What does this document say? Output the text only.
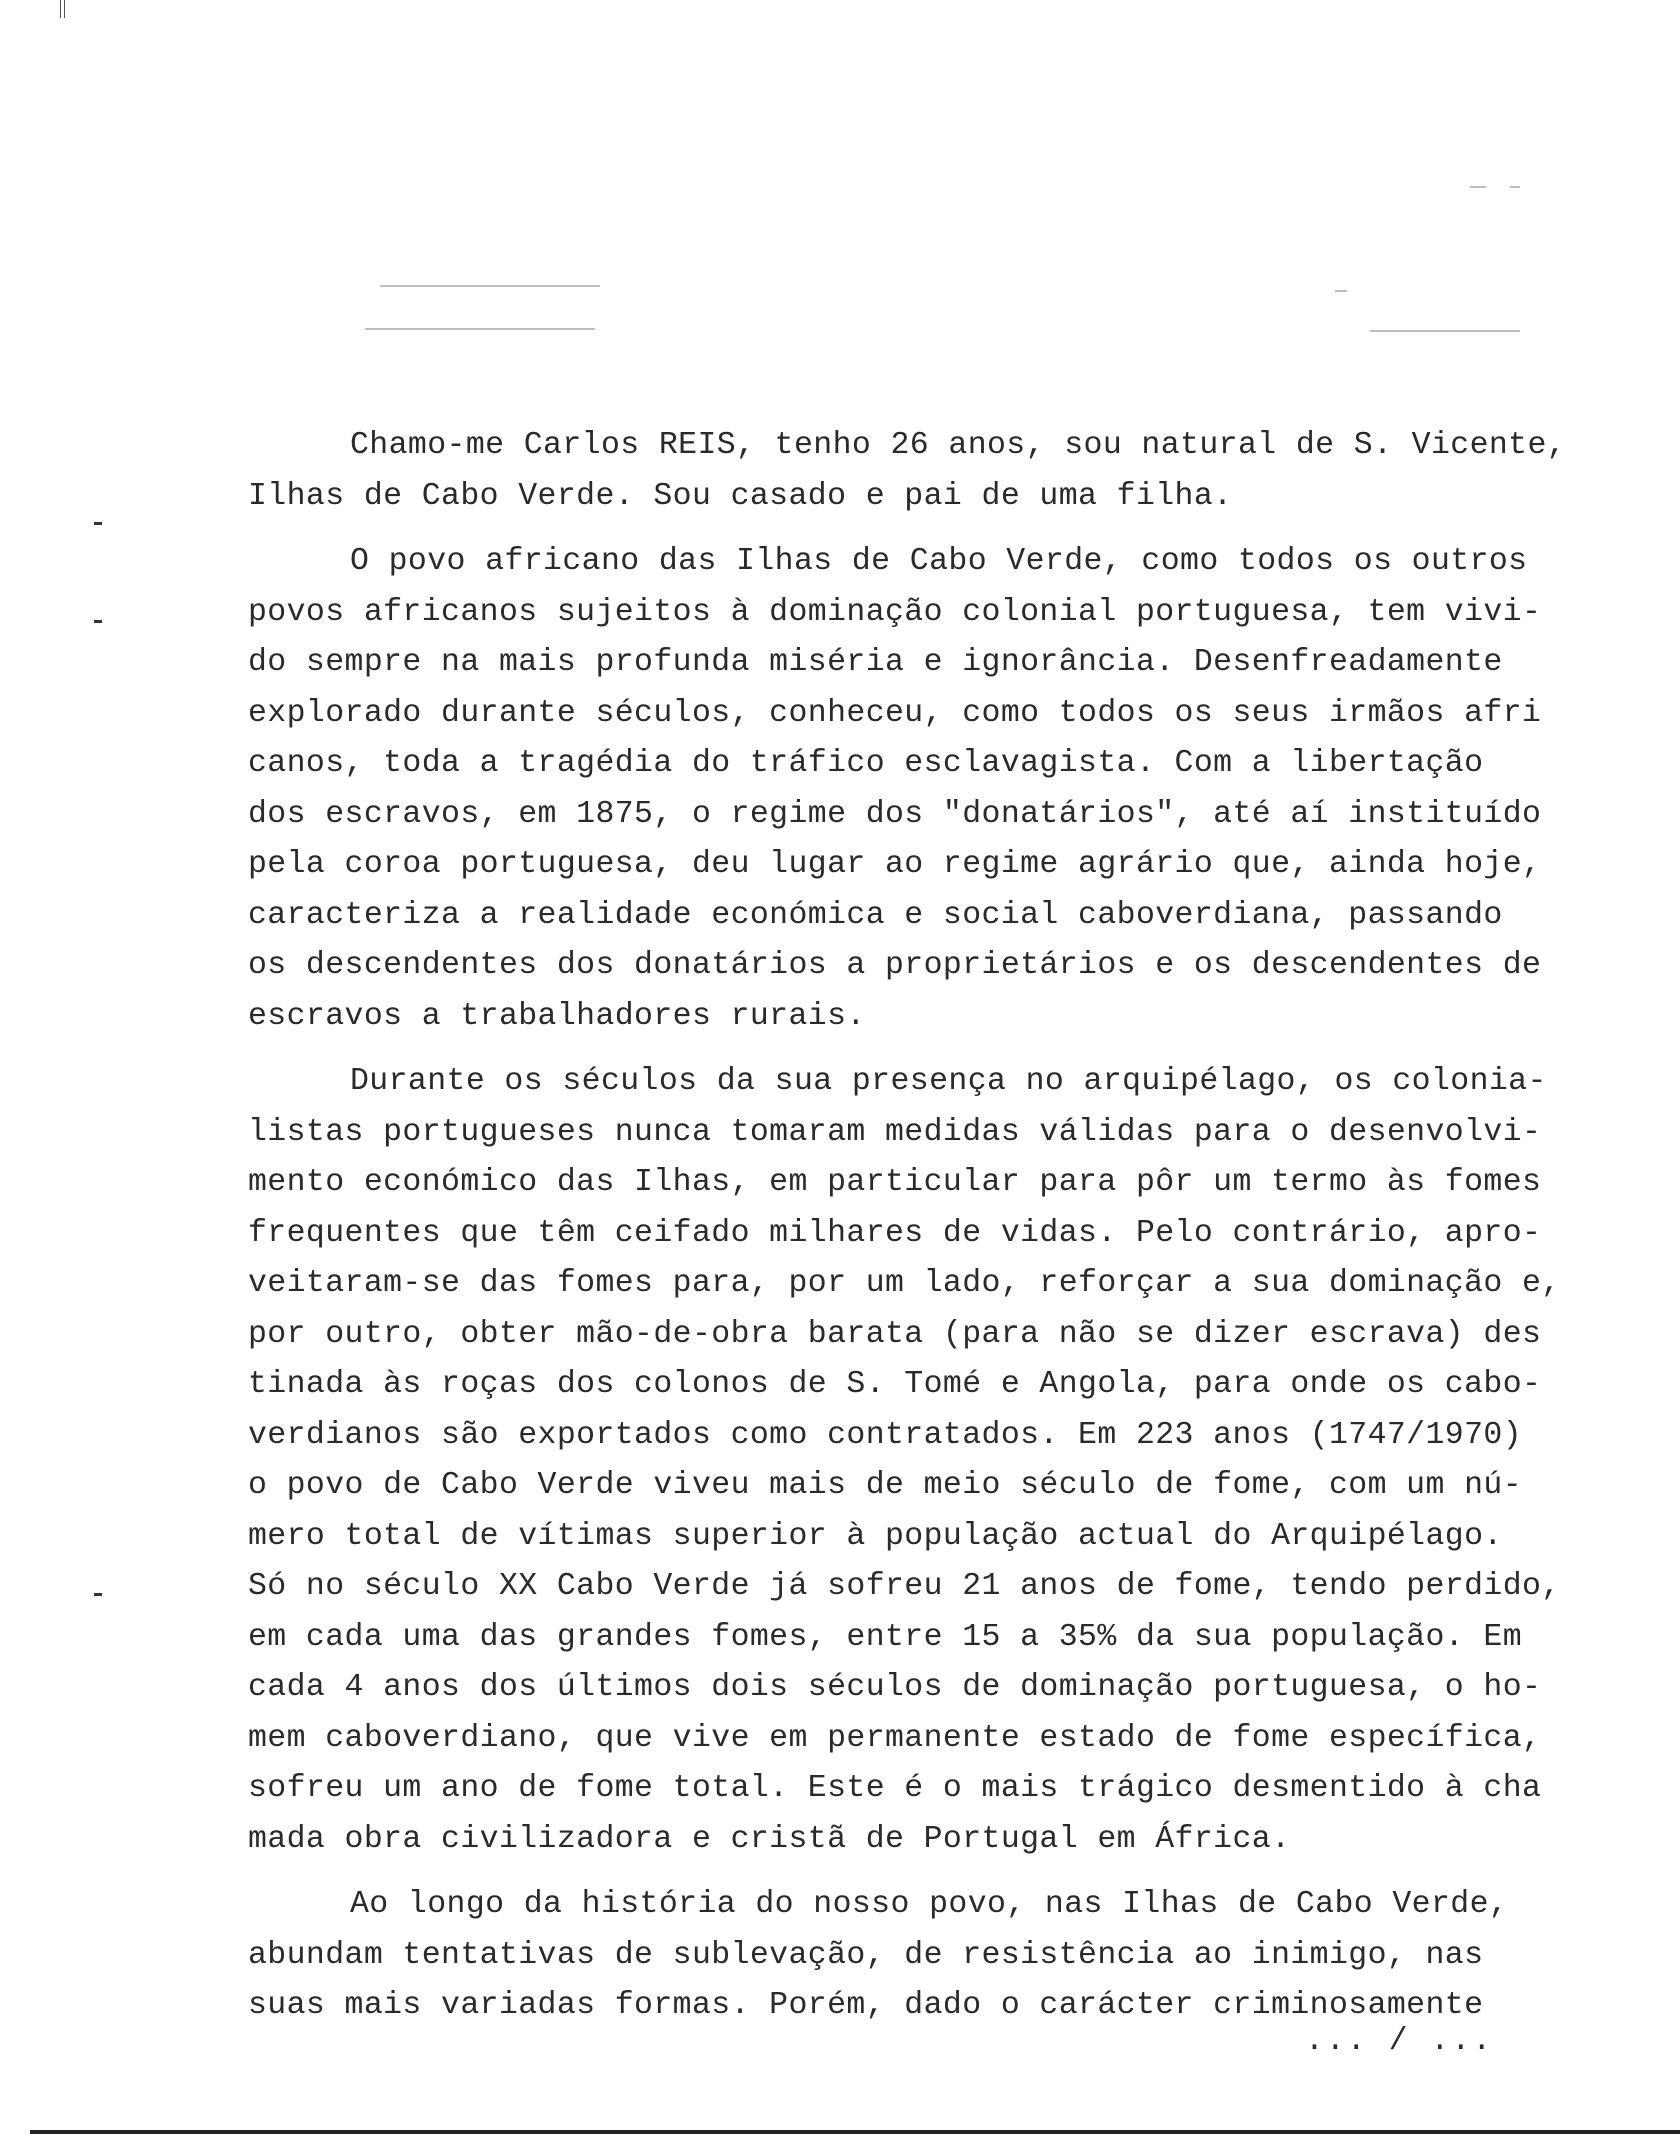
Chamo-me Carlos REIS, tenho 26 anos, sou natural de S. Vicente,
Ilhas de Cabo Verde. Sou casado e pai de uma filha.
O povo africano das Ilhas de Cabo Verde, como todos os outros
povos africanos sujeitos à dominação colonial portuguesa, tem vivi-
do sempre na mais profunda miséria e ignorância. Desenfreadamente
explorado durante séculos, conheceu, como todos os seus irmãos afri
canos, toda a tragédia do tráfico esclavagista. Com a libertação
dos escravos, em 1875, o regime dos "donatários", até aí instituído
pela coroa portuguesa, deu lugar ao regime agrário que, ainda hoje,
caracteriza a realidade económica e social caboverdiana, passando
os descendentes dos donatários a proprietários e os descendentes de
escravos a trabalhadores rurais.
Durante os séculos da sua presença no arquipélago, os colonia-
listas portugueses nunca tomaram medidas válidas para o desenvolvi-
mento económico das Ilhas, em particular para pôr um termo às fomes
frequentes que têm ceifado milhares de vidas. Pelo contrário, apro-
veitaram-se das fomes para, por um lado, reforçar a sua dominação e,
por outro, obter mão-de-obra barata (para não se dizer escrava) des
tinada às roças dos colonos de S. Tomé e Angola, para onde os cabo-
verdianos são exportados como contratados. Em 223 anos (1747/1970)
o povo de Cabo Verde viveu mais de meio século de fome, com um nú-
mero total de vítimas superior à população actual do Arquipélago.
Só no século XX Cabo Verde já sofreu 21 anos de fome, tendo perdido,
em cada uma das grandes fomes, entre 15 a 35% da sua população. Em
cada 4 anos dos últimos dois séculos de dominação portuguesa, o ho-
mem caboverdiano, que vive em permanente estado de fome específica,
sofreu um ano de fome total. Este é o mais trágico desmentido à cha
mada obra civilizadora e cristã de Portugal em África.
Ao longo da história do nosso povo, nas Ilhas de Cabo Verde,
abundam tentativas de sublevação, de resistência ao inimigo, nas
suas mais variadas formas. Porém, dado o carácter criminosamente
... / ...
